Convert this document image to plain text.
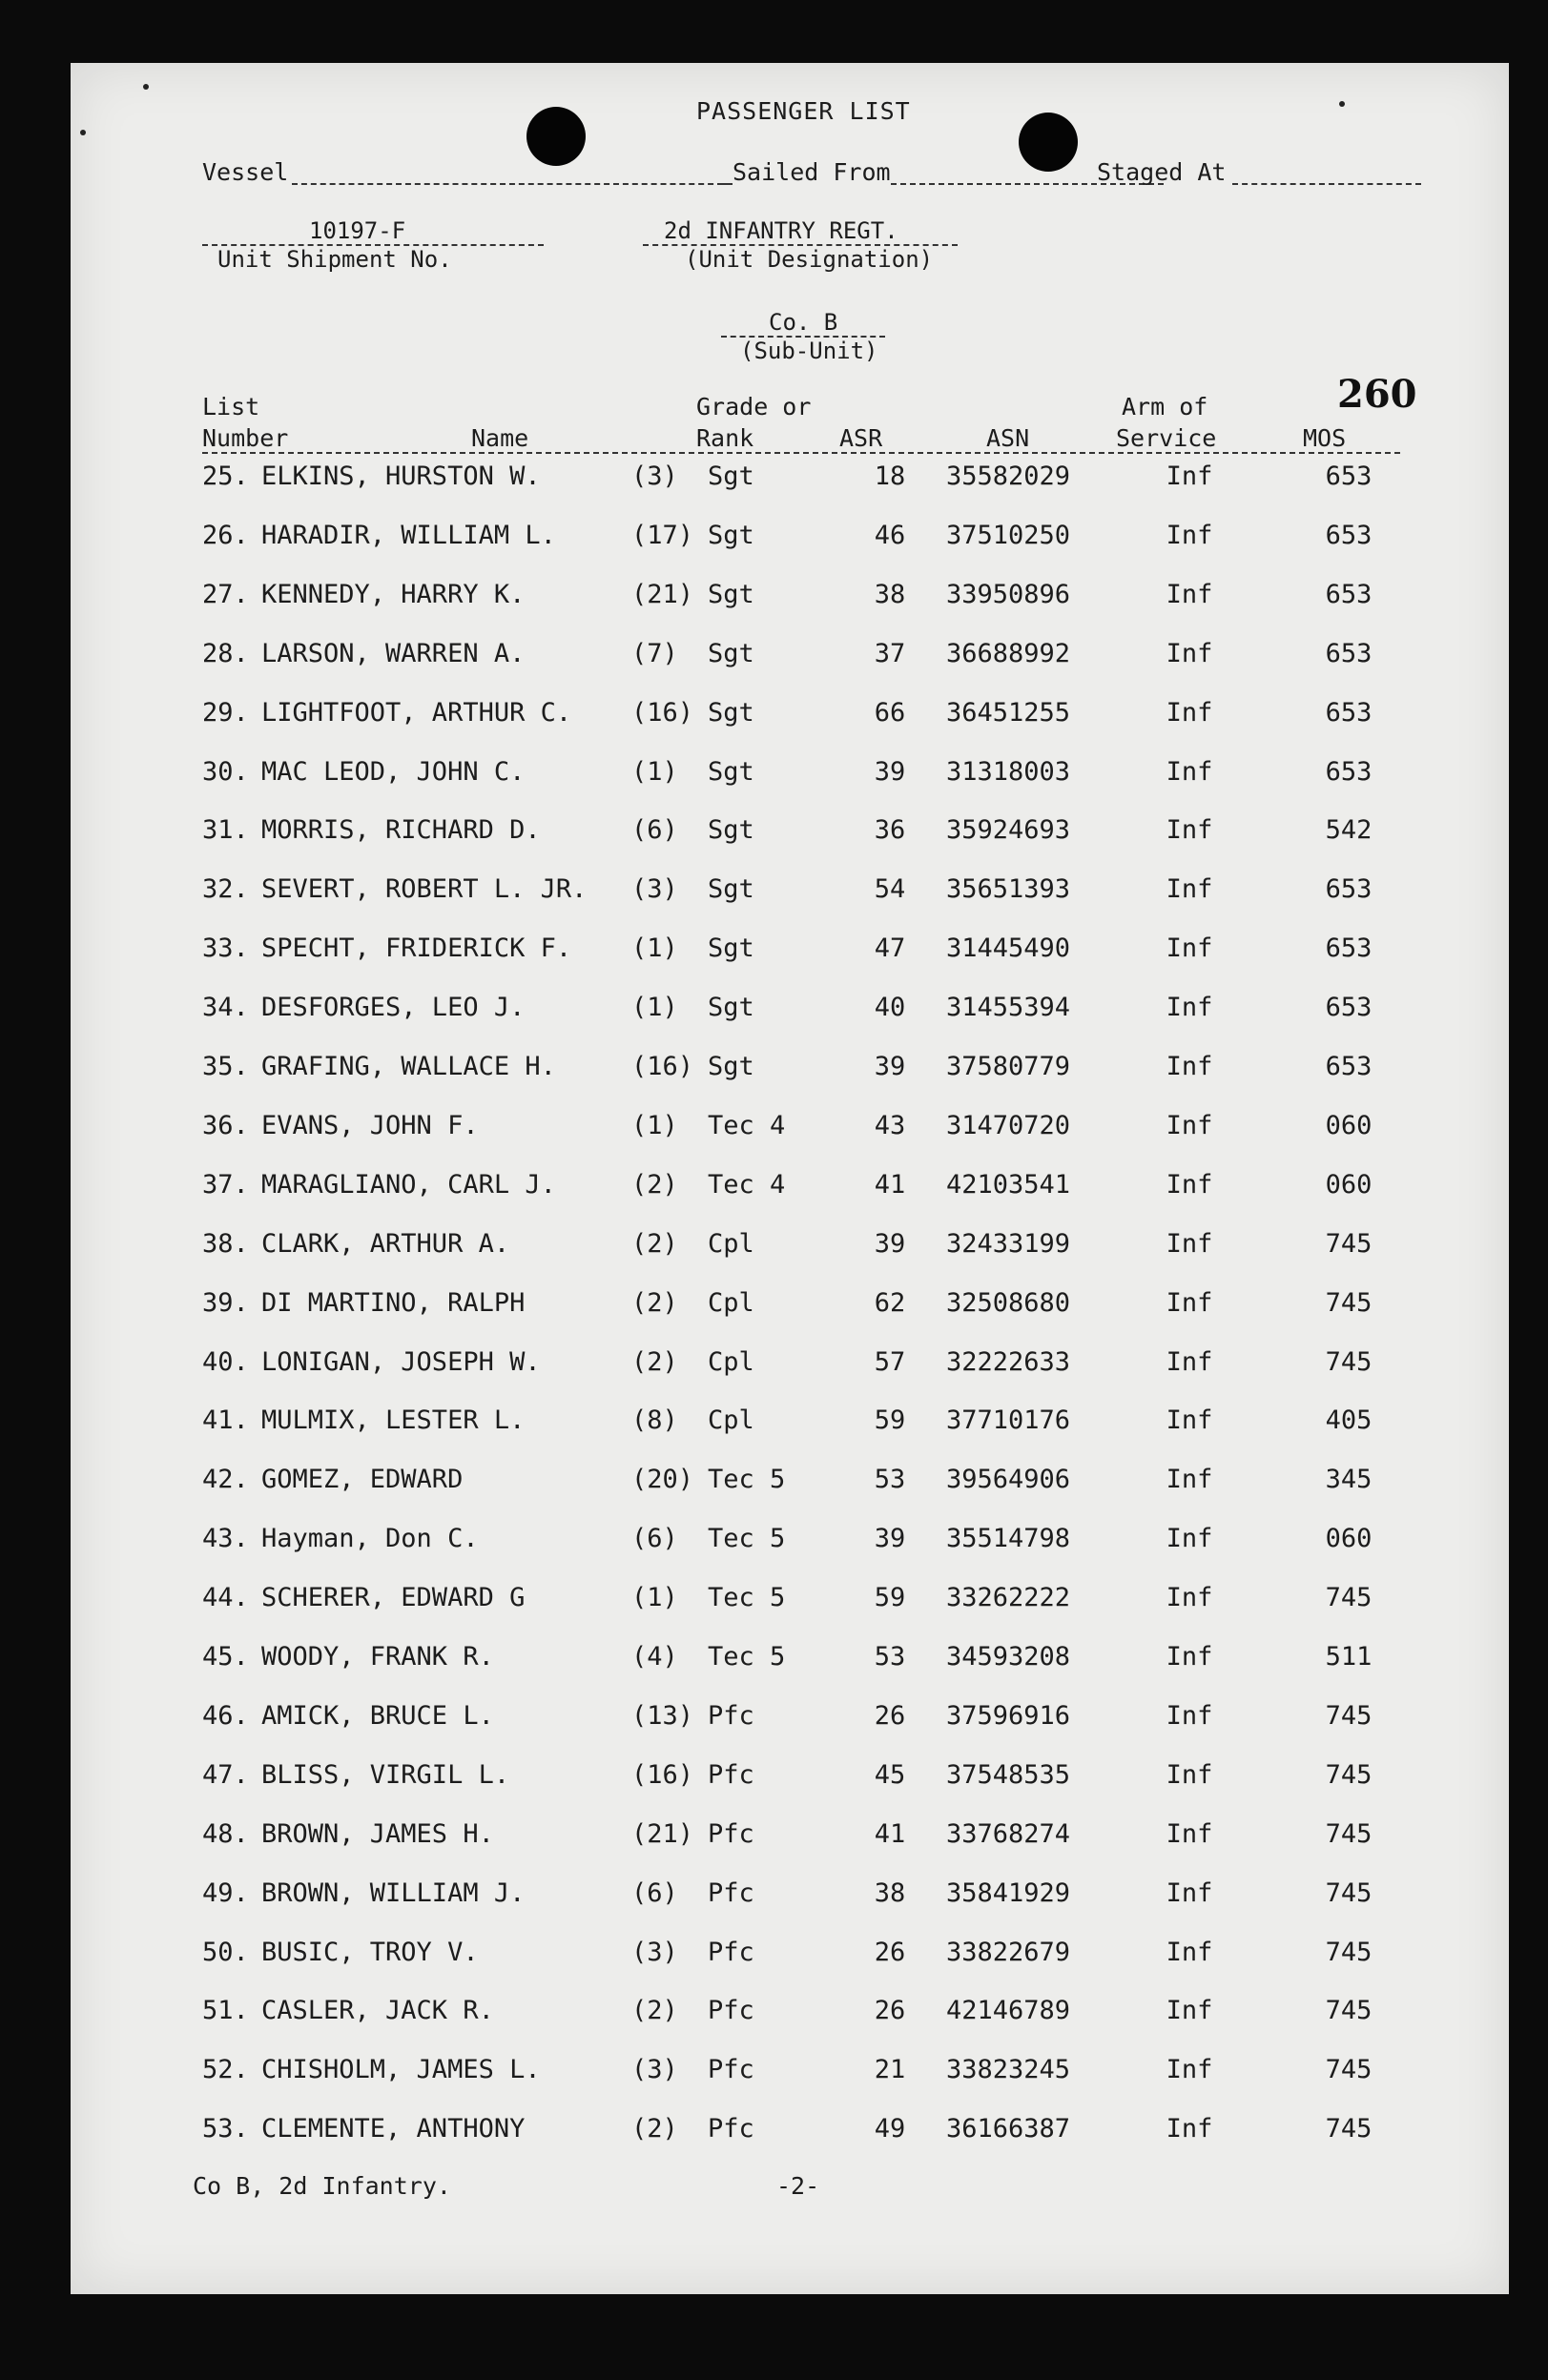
PASSENGER LIST
Vessel	Sailed From	Staged At
10197-F
Unit Shipment No.
2d INFANTRY REGT.
(Unit Designation)
Co. B
(Sub-Unit)
260
List
Number	Name
Grade or
Rank	ASR	ASN
Arm of
Service	MOS
25. ELKINS, HURSTON W.	(3) Sgt	18	35582029	Inf	653
26. HARADIR, WILLIAM L.	(17) Sgt	46	37510250	Inf	653
27. KENNEDY, HARRY K.	(21) Sgt	38	33950896	Inf	653
28. LARSON, WARREN A.	(7) Sgt	37	36688992	Inf	653
29. LIGHTFOOT, ARTHUR C. (16) Sgt	66	36451255	Inf	653
30. MAC LEOD, JOHN C.	(1) Sgt	39	31318003	Inf	653
31. MORRIS, RICHARD D.	(6) Sgt	36	35924693	Inf	542
32. SEVERT, ROBERT L. JR. (3) Sgt	54	35651393	Inf	653
33. SPECHT, FRIDERICK F. (1) Sgt	47	31445490	Inf	653
34. DESFORGES, LEO J.	(1) Sgt	40	31455394	Inf	653
35. GRAFING, WALLACE H.	(16) Sgt	39	37580779	Inf	653
36. EVANS, JOHN F.	(1) Tec 4	43	31470720	Inf	060
37. MARAGLIANO, CARL J.	(2) Tec 4	41	42103541	Inf	060
38. CLARK, ARTHUR A.	(2) Cpl	39	32433199	Inf	745
39. DI MARTINO, RALPH	(2) Cpl	62	32508680	Inf	745
40. LONIGAN, JOSEPH W.	(2) Cpl	57	32222633	Inf	745
41. MULMIX, LESTER L.	(8) Cpl	59	37710176	Inf	405
42. GOMEZ, EDWARD	(20) Tec 5	53	39564906	Inf	345
43. Hayman, Don C.	(6) Tec 5	39	35514798	Inf	060
44. SCHERER, EDWARD G	(1) Tec 5	59	33262222	Inf	745
45. WOODY, FRANK R.	(4) Tec 5	53	34593208	Inf	511
46. AMICK, BRUCE L.	(13) Pfc	26	37596916	Inf	745
47. BLISS, VIRGIL L.	(16) Pfc	45	37548535	Inf	745
48. BROWN, JAMES H.	(21) Pfc	41	33768274	Inf	745
49. BROWN, WILLIAM J.	(6) Pfc	38	35841929	Inf	745
50. BUSIC, TROY V.	(3) Pfc	26	33822679	Inf	745
51. CASLER, JACK R.	(2) Pfc	26	42146789	Inf	745
52. CHISHOLM, JAMES L.	(3) Pfc	21	33823245	Inf	745
53. CLEMENTE, ANTHONY	(2) Pfc	49	36166387	Inf	745
Co B, 2d Infantry.	-2-
